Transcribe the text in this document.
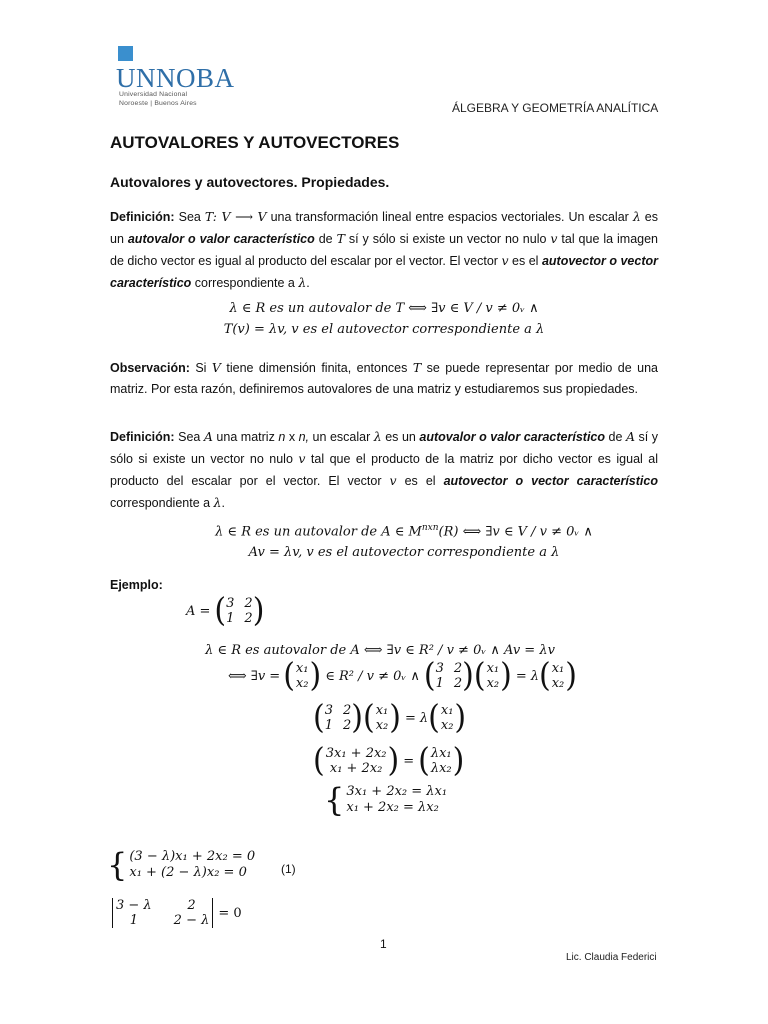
UNNOBA
Universidad Nacional
Noroeste | Buenos Aires	ÁLGEBRA Y GEOMETRÍA ANALÍTICA
AUTOVALORES Y AUTOVECTORES
Autovalores y autovectores. Propiedades.
Definición: Sea T: V ⟶ V una transformación lineal entre espacios vectoriales. Un escalar λ es un autovalor o valor característico de T sí y sólo si existe un vector no nulo v tal que la imagen de dicho vector es igual al producto del escalar por el vector. El vector v es el autovector o vector característico correspondiente a λ.
λ ∈ R es un autovalor de T ⟺ ∃v ∈ V / v ≠ 0ᵥ ∧
T(v) = λv, v es el autovector correspondiente a λ
Observación: Si V tiene dimensión finita, entonces T se puede representar por medio de una matriz. Por esta razón, definiremos autovalores de una matriz y estudiaremos sus propiedades.
Definición: Sea A una matriz n x n, un escalar λ es un autovalor o valor característico de A sí y sólo si existe un vector no nulo v tal que el producto de la matriz por dicho vector es igual al producto del escalar por el vector. El vector v es el autovector o vector característico correspondiente a λ.
λ ∈ R es un autovalor de A ∈ $M^{nxn}(R)$ ⟺ ∃v ∈ V / v ≠ 0ᵥ ∧
Av = λv, v es el autovector correspondiente a λ
Ejemplo:
A = ( 3 2
1 2 )
λ ∈ R es autovalor de A ⟺ ∃v ∈ R² / v ≠ 0ᵥ ∧ Av = λv
⟺ ∃v = ( x₁
x₂ ) ∈ R² / v ≠ 0ᵥ ∧ ( 3 2
1 2 ) ( x₁
x₂ ) = λ ( x₁
x₂ )
( 3 2
1 2 ) ( x₁
x₂ ) = λ ( x₁
x₂ )
( 3x₁ + 2x₂
x₁ + 2x₂ ) = ( λx₁
λx₂ )
{ 3x₁ + 2x₂ = λx₁
x₁ + 2x₂ = λx₂
{ (3 − λ)x₁ + 2x₂ = 0
x₁ + (2 − λ)x₂ = 0	(1)
3 − λ	2
1	2 − λ = 0
1
Lic. Claudia Federici
